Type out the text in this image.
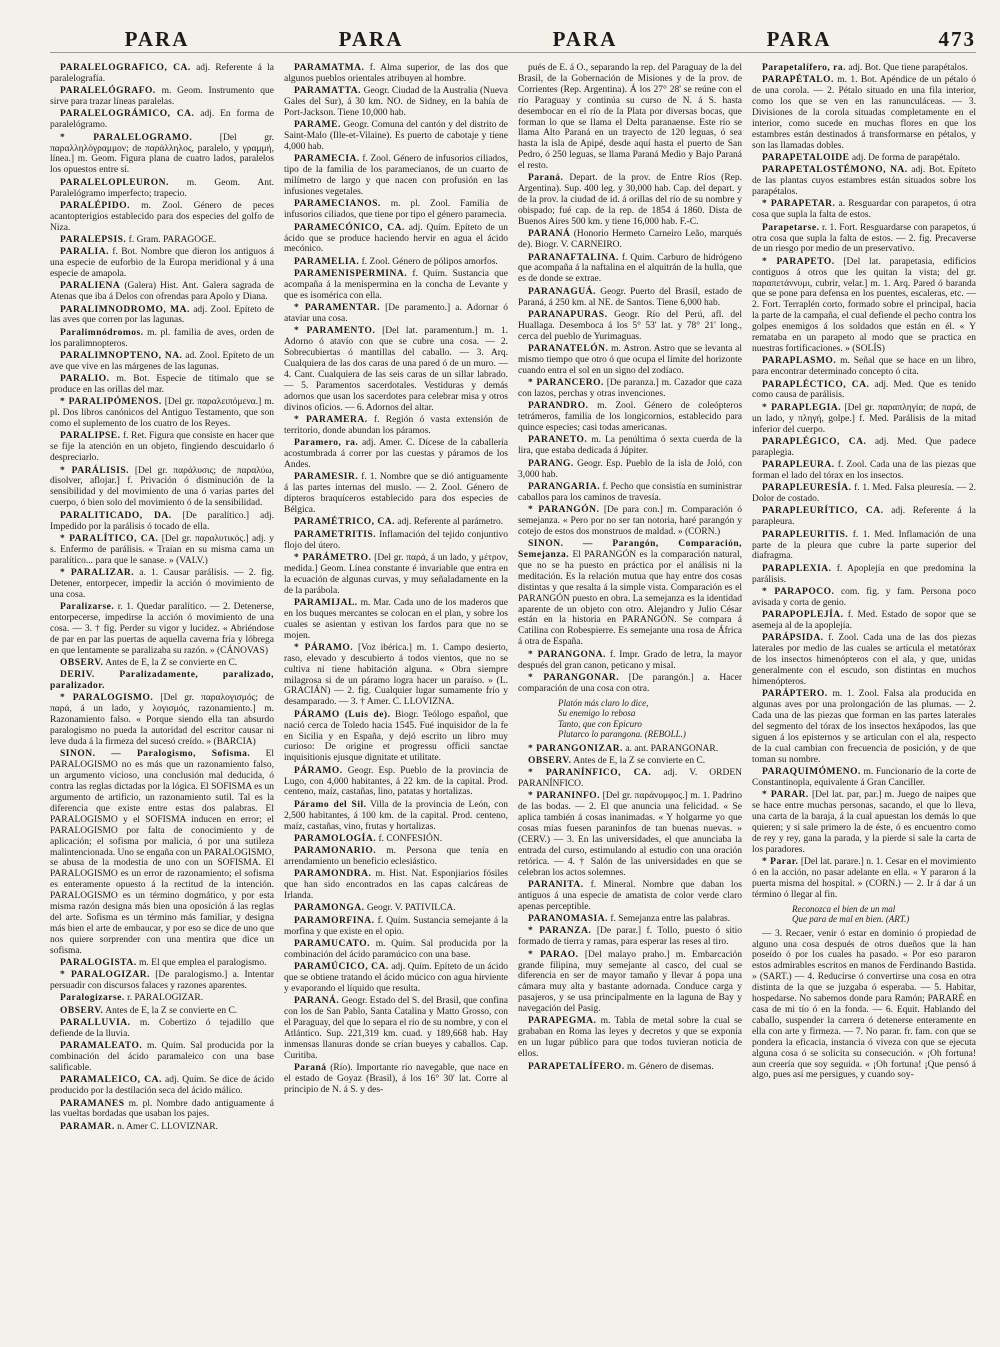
PARA	PARA	PARA	PARA	473

PARALELOGRÁFICO, CA. adj. Referente á la paralelografía.

PARALELÓGRAFO. m. Geom. Instrumento que sirve para trazar líneas paralelas.

PARALELOGRÁMICO, CA. adj. En forma de paralelógramo.

* PARALELOGRAMO.	[Del gr. παραλληλόγραμμον; de παράλληλος, paralelo, y γραμμή, línea.] m. Geom. Figura plana de cuatro lados, paralelos los opuestos entre sí.

PARALELOPLEURON. m. Geom. Ant. Paralelógramo imperfecto; trapecio.

PARALÉPIDO. m. Zool. Género de peces acantopterigios establecido para dos especies del golfo de Niza.

PARALEPSIS. f. Gram. PARAGOGE.

PARALIA. f. Bot. Nombre que dieron los antiguos á una especie de euforbio de la Europa meridional y á una especie de amapola.

PARALIENA (Galera) Hist. Ant. Galera sagrada de Atenas que iba á Delos con ofrendas para Apolo y Diana.

PARALIMNODROMO, MA. adj. Zool. Epíteto de las aves que corren por las lagunas.

Paralimnódromos. m. pl. familia de aves, orden de los paralimnopteros.

PARALIMNOPTENO, NA. ad. Zool. Epíteto de un ave que vive en las márgenes de las lagunas.

PARALIO. m. Bot. Especie de titimalo que se produce en las orillas del mar.

* PARALIPÓMENOS. [Del gr. παραλειπόμενα.] m. pl. Dos libros canónicos del Antiguo Testamento, que son como el suplemento de los cuatro de los Reyes.

PARALIPSE. f. Ret. Figura que consiste en hacer que se fije la atención en un objeto, fingiendo descuidarlo ó despreciarlo.

* PARÁLISIS. [Del gr. παράλυσις; de παραλύω, disolver, aflojar.] f. Privación ó disminución de la sensibilidad y del movimiento de una ó varias partes del cuerpo, ó bien solo del movimiento ó de la sensibilidad.

PARALITICADO, DA. [De paralítico.] adj. Impedido por la parálisis ó tocado de ella.

* PARALÍTICO, CA. [Del gr. παραλυτικός.] adj. y s. Enfermo de parálisis. « Traían en su misma cama un paralítico... para que le sanase. » (VALV.)

* PARALIZAR. a. 1. Causar parálisis. — 2. fig. Detener, entorpecer, impedir la acción ó movimiento de una cosa.

Paralizarse. r. 1. Quedar paralítico. — 2. Detenerse, entorpecerse, impedirse la acción ó movimiento de una cosa. — 3. † fig. Perder su vigor y lucidez. « Abriéndose de par en par las puertas de aquella caverna fría y lóbrega en que lentamente se paralizaba su razón. » (CÁNOVAS)

OBSERV. Antes de E, la Z se convierte en C.

DERIV. Paralizadamente, paralizado, paralizador.

* PARALOGISMO. [Del gr. παραλογισμός; de παρά, á un lado, y λογισμός, razonamiento.] m. Razonamiento falso. « Porque siendo ella tan absurdo paralogismo no pueda la autoridad del escritor causar ni leve duda á la firmeza del sucesó creído. » (BARCIA)

SINON. — Paralogismo, Sofisma. El PARALOGISMO no es más que un razonamiento falso, un argumento vicioso, una conclusión mal deducida, ó contra las reglas dictadas por la lógica. El SOFISMA es un argumento de artificio, un razonamiento sutil. Tal es la diferencia que existe entre estas dos palabras. El PARALOGISMO y el SOFISMA inducen en error; el PARALOGISMO por falta de conocimiento y de aplicación; el sofisma por malicia, ó por una sutileza malintencionada. Uno se engaña con un PARALOGISMO, se abusa de la modestia de uno con un SOFISMA. El PARALOGISMO es un error de razonamiento; el sofisma es enteramente opuesto á la rectitud de la intención. PARALOGISMO es un término dogmático, y por esta misma razón designa más bien una oposición á las reglas del arte. Sofisma es un término más familiar, y designa más bien el arte de embaucar, y por eso se dice de uno que nos quiere sorprender con una mentira que dice un sofisma.

PARALOGISTA. m. El que emplea el paralogismo.

* PARALOGIZAR. [De paralogismo.] a. Intentar persuadir con discursos falaces y razones aparentes.

Paralogizarse. r. PARALOGIZAR.

OBSERV. Antes de E, la Z se convierte en C.

PARALLUVIA. m. Cobertizo ó tejadillo que defiende de la lluvia.

PARAMALEATO. m. Quím. Sal producida por la combinación del ácido paramaleico con una base salificable.

PARAMALEICO, CA. adj. Quím. Se dice de ácido producido por la destilación seca del ácido málico.

PARAMANES m. pl. Nombre dado antiguamente á las vueltas bordadas que usaban los pajes.

PARAMAR. n. Amer C. LLOVIZNAR.

PARAMATMA. f. Alma superior, de las dos que algunos pueblos orientales atribuyen al hombre.

PARAMATTA. Geogr. Ciudad de la Australia (Nueva Gales del Sur), á 30 km. NO. de Sidney, en la bahía de Port-Jackson. Tiene 10,000 hab.

PARAME. Geogr. Comuna del cantón y del distrito de Saint-Malo (Ille-et-Vilaine). Es puerto de cabotaje y tiene 4,000 hab.

PARAMECIA. f. Zool. Género de infusorios ciliados, tipo de la familia de los paramecianos, de un cuarto de milímetro de largo y que nacen con profusión en las infusiones vegetales.

PARAMECIANOS. m. pl. Zool. Familia de infusorios ciliados, que tiene por tipo el género paramecia.

PARAMECÓNICO, CA. adj. Quím. Epíteto de un ácido que se produce haciendo hervir en agua el ácido mecónico.

PARAMELIA. f. Zool. Género de pólipos amorfos.

PARAMENISPERMINA. f. Quím. Sustancia que acompaña á la menispermina en la concha de Levante y que es isomérica con ella.

* PARAMENTAR. [De paramento.] a. Adornar ó ataviar una cosa.

* PARAMENTO. [Del lat. paramentum.] m. 1. Adorno ó atavío con que se cubre una cosa. — 2. Sobrecubiertas ó mantillas del caballo. — 3. Arq. Cualquiera de las dos caras de una pared ó de un muro. — 4. Cant. Cualquiera de las seis caras de un sillar labrado. — 5. Paramentos sacerdotales. Vestiduras y demás adornos que usan los sacerdotes para celebrar misa y otros divinos oficios. — 6. Adornos del altar.

* PARAMERA. f. Región ó vasta extensión de territorio, donde abundan los páramos.

Paramero, ra. adj. Amer. C. Dícese de la caballería acostumbrada á correr por las cuestas y páramos de los Andes.

PARAMESIR. f. 1. Nombre que se dió antiguamente á las partes internas del muslo. — 2. Zool. Género de dípteros braquíceros establecido para dos especies de Bélgica.

PARAMÉTRICO, CA. adj. Referente al parámetro.

PARAMETRITIS. Inflamación del tejido conjuntivo flojo del útero.

* PARÁMETRO. [Del gr. παρά, á un lado, y μέτρον, medida.] Geom. Línea constante é invariable que entra en la ecuación de algunas curvas, y muy señaladamente en la de la parábola.

PARAMIJAL. m. Mar. Cada uno de los maderos que en los buques mercantes se colocan en el plan, y sobre los cuales se asientan y estivan los fardos para que no se mojen.

* PÁRAMO. [Voz ibérica.] m. 1. Campo desierto, raso, elevado y descubierto á todos vientos, que no se cultiva ni tiene habitación alguna. « Obra siempre milagrosa si de un páramo logra hacer un paraíso. » (L. GRACIÁN) — 2. fig. Cualquier lugar sumamente frío y desamparado. — 3. † Amer. C. LLOVIZNA.

PÁRAMO (Luis de). Biogr. Teólogo español, que nació cerca de Toledo hacia 1545. Fué inquisidor de la fe en Sicilia y en España, y dejó escrito un libro muy curioso: De origine et progressu officii sanctae inquisitionis ejusque dignitate et utilitate.

PÁRAMO. Geogr. Esp. Pueblo de la provincia de Lugo, con 4,000 habitantes, á 22 km. de la capital. Prod. centeno, maíz, castañas, lino, patatas y hortalizas.

Páramo del Sil. Villa de la provincia de León, con 2,500 habitantes, á 100 km. de la capital. Prod. centeno, maíz, castañas, vino, frutas y hortalizas.

PARAMOLOGÍA. f. CONFESIÓN.

PARAMONARIO. m. Persona que tenía en arrendamiento un beneficio eclesiástico.

PARAMONDRA. m. Hist. Nat. Esponjiarios fósiles que han sido encontrados en las capas calcáreas de Irlanda.

PARAMONGA. Geogr. V. PATIVILCA.

PARAMORFINA. f. Quím. Sustancia semejante á la morfina y que existe en el opio.

PARAMUCATO. m. Quím. Sal producida por la combinación del ácido paramúcico con una base.

PARAMÚCICO, CA. adj. Quím. Epíteto de un ácido que se obtiene tratando el ácido múcico con agua hirviente y evaporando el líquido que resulta.

PARANÁ. Geogr. Estado del S. del Brasil, que confina con los de San Pablo, Santa Catalina y Matto Grosso, con el Paraguay, del que lo separa el río de su nombre, y con el Atlántico. Sup. 221,319 km. cuad. y 189,668 hab. Hay inmensas llanuras donde se crían bueyes y caballos. Cap. Curitiba.

Paraná (Río). Importante río navegable, que nace en el estado de Goyaz (Brasil), á los 16° 30' lat. Corre al principio de N. á S. y des-

pués de E. á O., separando la rep. del Paraguay de la del Brasil, de la Gobernación de Misiones y de la prov. de Corrientes (Rep. Argentina). Á los 27° 28' se reúne con el río Paraguay y continúa su curso de N. á S. hasta desembocar en el río de la Plata por diversas bocas, que forman lo que se llama el Delta paranaense. Este río se llama Alto Paraná en un trayecto de 120 leguas, ó sea hasta la isla de Apipé, desde aquí hasta el puerto de San Pedro, ó 250 leguas, se llama Paraná Medio y Bajo Paraná el resto.

Paraná. Depart. de la prov. de Entre Ríos (Rep. Argentina). Sup. 400 leg. y 30,000 hab. Cap. del depart. y de la prov. la ciudad de id. á orillas del río de su nombre y obispado; fué cap. de la rep. de 1854 á 1860. Dista de Buenos Aires 500 km. y tiene 16,000 hab. F.-C.

PARANÁ (Honorio Hermeto Carneiro Leão, marqués de). Biogr. V. CARNEIRO.

PARANAFTALINA. f. Quím. Carburo de hidrógeno que acompaña á la naftalina en el alquitrán de la hulla, que es de donde se extrae.

PARANAGUÁ. Geogr. Puerto del Brasil, estado de Paraná, á 250 km. al NE. de Santos. Tiene 6,000 hab.

PARANAPURAS. Geogr. Río del Perú, afl. del Huallaga. Desemboca á los 5° 53' lat. y 78° 21' long., cerca del pueblo de Yurimaguas.

PARANATELÓN. m. Astron. Astro que se levanta al mismo tiempo que otro ó que ocupa el límite del horizonte cuando entra el sol en un signo del zodíaco.

* PARANCERO. [De paranza.] m. Cazador que caza con lazos, perchas y otras invenciones.

PARANDRO. m. Zool. Género de coleópteros tetrámeros, familia de los longicornios, establecido para quince especies; casi todas americanas.

PARANETO. m. La penúltima ó sexta cuerda de la lira, que estaba dedicada á Júpiter.

PARANG. Geogr. Esp. Pueblo de la isla de Joló, con 3,000 hab.

PARANGARIA. f. Pecho que consistía en suministrar caballos para los caminos de travesía.

* PARANGÓN. [De para con.] m. Comparación ó semejanza. « Pero por no ser tan notoria, haré parangón y cotejo de estos dos monstruos de maldad. » (CORN.)

SINON. — Parangón, Comparación, Semejanza. El PARANGÓN es la comparación natural, que no se ha puesto en práctica por el análisis ni la meditación. Es la relación mutua que hay entre dos cosas distintas y que resalta á la simple vista. Comparación es el PARANGÓN puesto en obra. La semejanza es la identidad aparente de un objeto con otro. Alejandro y Julio César están en la historia en PARANGÓN. Se compara á Catilina con Robespierre. Es semejante una rosa de África á otra de España.

* PARANGONA. f. Impr. Grado de letra, la mayor después del gran canon, peticano y misal.

* PARANGONAR. [De parangón.] a. Hacer comparación de una cosa con otra.

Platón más claro lo dice,
Su enemigo lo rebosa
Tanto, que con Epicuro
Plutarco lo parangona. (REBOLL.)

* PARANGONIZAR. a. ant. PARANGONAR.

OBSERV. Antes de E, la Z se convierte en C.

* PARANÍNFICO, CA. adj. V. ORDEN PARANÍNFICO.

* PARANINFO. [Del gr. παράνυμφος.] m. 1. Padrino de las bodas. — 2. El que anuncia una felicidad. « Se aplica también á cosas inanimadas. « Y holgarme yo que cosas mías fuesen paraninfos de tan buenas nuevas. » (CERV.) — 3. En las universidades, el que anunciaba la entrada del curso, estimulando al estudio con una oración retórica. — 4. † Salón de las universidades en que se celebran los actos solemnes.

PARANITA. f. Mineral. Nombre que daban los antiguos á una especie de amatista de color verde claro apenas perceptible.

PARANOMASIA. f. Semejanza entre las palabras.

* PARANZA. [De parar.] f. Tollo, puesto ó sitio formado de tierra y ramas, para esperar las reses al tiro.

* PARAO. [Del malayo praho.] m. Embarcación grande filipina, muy semejante al casco, del cual se diferencia en ser de mayor tamaño y llevar á popa una cámara muy alta y bastante adornada. Conduce carga y pasajeros, y se usa principalmente en la laguna de Bay y navegación del Pasig.

PARAPEGMA. m. Tabla de metal sobre la cual se grababan en Roma las leyes y decretos y que se exponía en un lugar público para que todos tuvieran noticia de ellos.

PARAPETALÍFERO. m. Género de disemas.

Parapetalífero, ra. adj. Bot. Que tiene parapétalos.

PARAPÉTALO. m. 1. Bot. Apéndice de un pétalo ó de una corola. — 2. Pétalo situado en una fila interior, como los que se ven en las ranunculáceas. — 3. Divisiones de la corola situadas completamente en el interior, como sucede en muchas flores en que los estambres están destinados á transformarse en pétalos, y son las llamadas dobles.

PARAPETALOIDE adj. De forma de parapétalo.

PARAPETALOSTÉMONO, NA. adj. Bot. Epíteto de las plantas cuyos estambres están situados sobre los parapétalos.

* PARAPETAR. a. Resguardar con parapetos, ú otra cosa que supla la falta de estos.

Parapetarse. r. 1. Fort. Resguardarse con parapetos, ú otra cosa que supla la falta de estos. — 2. fig. Precaverse de un riesgo por medio de un preservativo.

* PARAPETO. [Del lat. parapetasia, edificios contiguos á otros que les quitan la vista; del gr. παραπετάννυμι, cubrir, velar.] m. 1. Arq. Pared ó baranda que se pone para defensa en los puentes, escaleras, etc. — 2. Fort. Terraplén corto, formado sobre el principal, hacia la parte de la campaña, el cual defiende el pecho contra los golpes enemigos á los soldados que están en él. « Y remataba en un parapeto al modo que se practica en nuestras fortificaciones. » (SOLÍS)

PARAPLASMO. m. Señal que se hace en un libro, para encontrar determinado concepto ó cita.

PARAPLÉCTICO, CA. adj. Med. Que es tenido como causa de parálisis.

* PARAPLEGIA. [Del gr. παραπληγία; de παρά, de un lado, y πληγή, golpe.] f. Med. Parálisis de la mitad inferior del cuerpo.

PARAPLÉGICO, CA. adj. Med. Que padece paraplegia.

PARAPLEURA. f. Zool. Cada una de las piezas que forman el lado del tórax en los insectos.

PARAPLEURESÍA. f. 1. Med. Falsa pleuresía. — 2. Dolor de costado.

PARAPLEURÍTICO, CA. adj. Referente á la parapleura.

PARAPLEURITIS. f. 1. Med. Inflamación de una parte de la pleura que cubre la parte superior del diafragma.

PARAPLEXIA. f. Apoplejía en que predomina la parálisis.

* PARAPOCO. com. fig. y fam. Persona poco avisada y corta de genio.

PARAPOPLEJÍA. f. Med. Estado de sopor que se asemeja al de la apoplejía.

PARÁPSIDA. f. Zool. Cada una de las dos piezas laterales por medio de las cuales se articula el metatórax de los insectos himenópteros con el ala, y que, unidas generalmente con el escudo, son distintas en muchos himenópteros.

PARÁPTERO. m. 1. Zool. Falsa ala producida en algunas aves por una prolongación de las plumas. — 2. Cada una de las piezas que forman en las partes laterales del segmento del tórax de los insectos hexápodos, las que siguen á los episternos y se articulan con el ala, respecto de la cual cambian con frecuencia de posición, y de que toman su nombre.

PARAQUIMÓMENO. m. Funcionario de la corte de Constantinopla, equivalente á Gran Canciller.

* PARAR. [Del lat. par, par.] m. Juego de naipes que se hace entre muchas personas, sacando, el que lo lleva, una carta de la baraja, á la cual apuestan los demás lo que quieren; y si sale primero la de éste, ó es encuentro como de rey y rey, gana la parada, y la pierde si sale la carta de los paradores.

* Parar. [Del lat. parare.] n. 1. Cesar en el movimiento ó en la acción, no pasar adelante en ella. « Y pararon á la puerta misma del hospital. » (CORN.) — 2. Ir á dar á un término ó llegar al fin.

Reconozca el bien de un mal
Que para de mal en bien. (ART.)

— 3. Recaer, venir ó estar en dominio ó propiedad de alguno una cosa después de otros dueños que la han poseído ó por los cuales ha pasado. « Por eso pararon estos admirables escritos en manos de Ferdinando Bastida. » (SART.) — 4. Reducirse ó convertirse una cosa en otra distinta de la que se juzgaba ó esperaba. — 5. Habitar, hospedarse. No sabemos donde para Ramón; PARARÉ en casa de mi tío ó en la fonda. — 6. Equit. Hablando del caballo, suspender la carrera ó detenerse enteramente en ella con arte y firmeza. — 7. No parar. fr. fam. con que se pondera la eficacia, instancia ó viveza con que se ejecuta alguna cosa ó se solicita su consecución. « ¡Oh fortuna! aun creería que soy seguida. « ¡Oh fortuna! ¡Que pensó á algo, pues así me persigues, y cuando soy-
